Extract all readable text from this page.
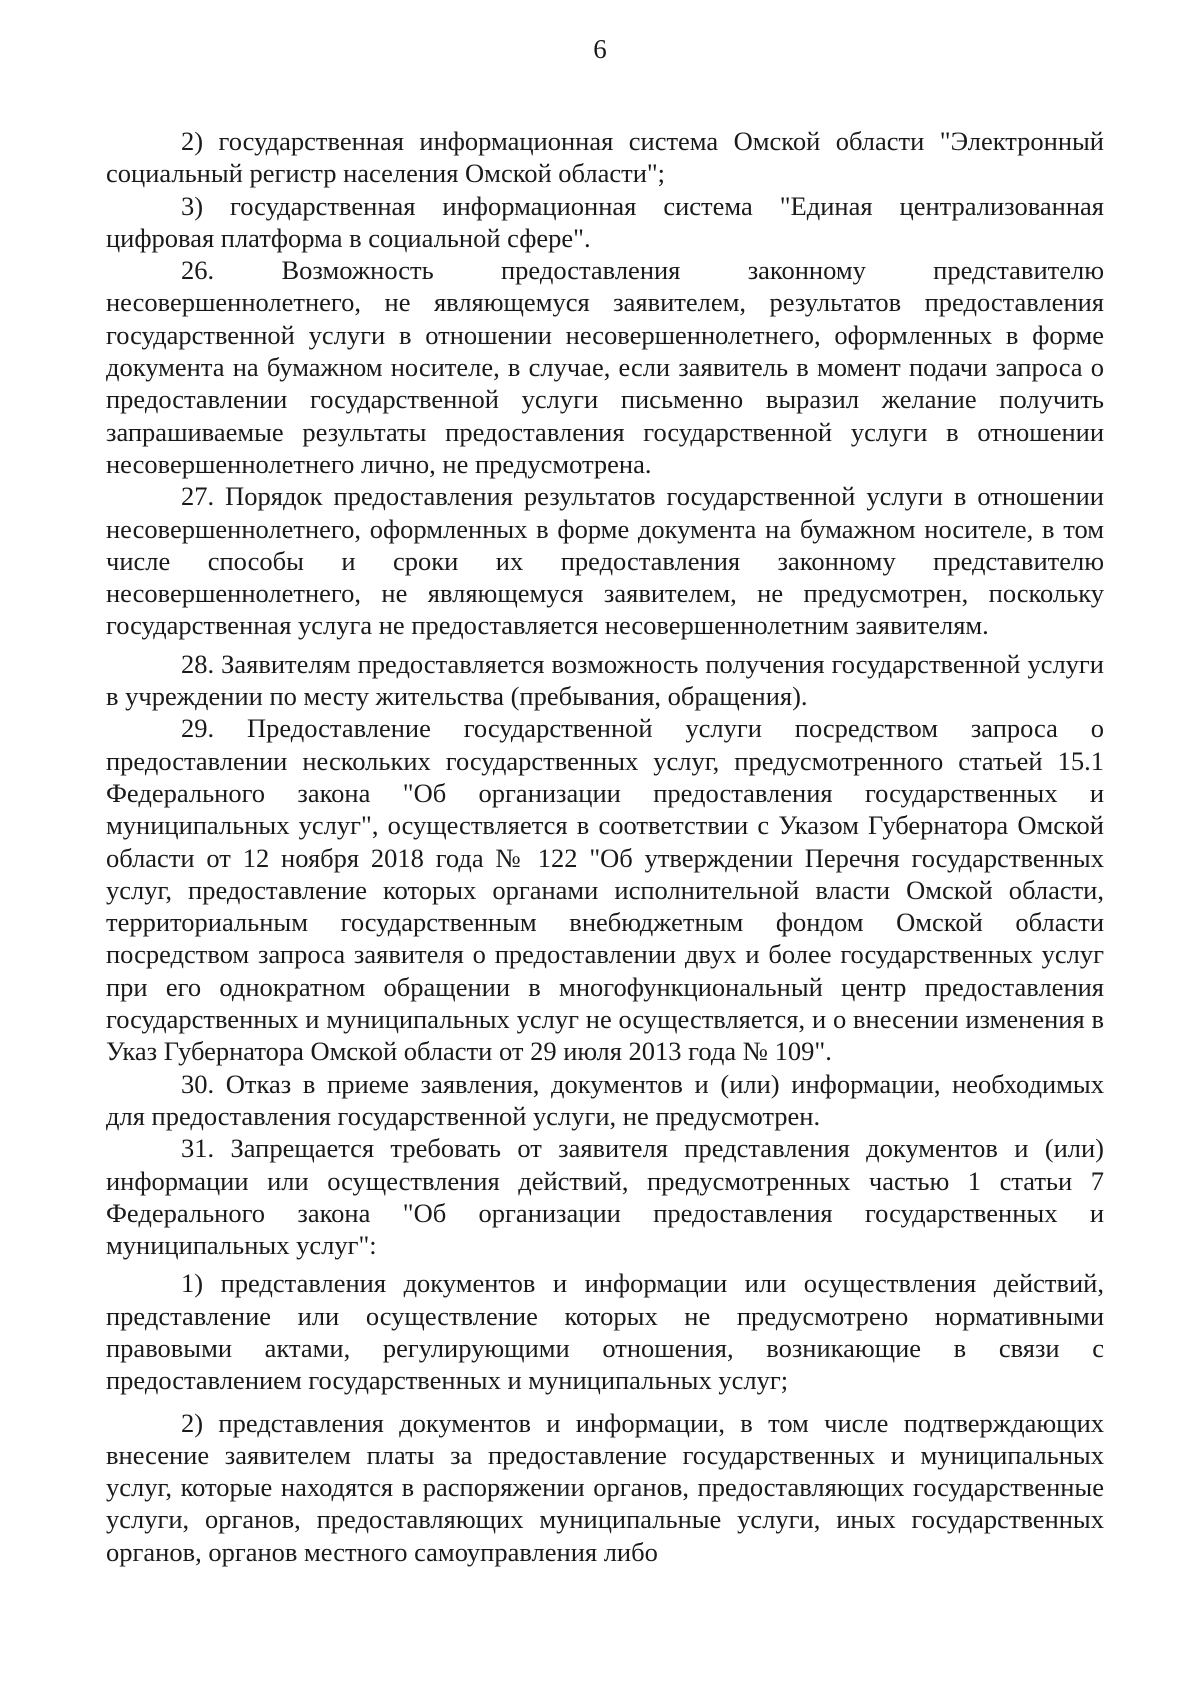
6

2) государственная информационная система Омской области "Электронный социальный регистр населения Омской области";

3) государственная информационная система "Единая централизованная цифровая платформа в социальной сфере".

26. Возможность предоставления законному представителю несовершеннолетнего, не являющемуся заявителем, результатов предоставления государственной услуги в отношении несовершеннолетнего, оформленных в форме документа на бумажном носителе, в случае, если заявитель в момент подачи запроса о предоставлении государственной услуги письменно выразил желание получить запрашиваемые результаты предоставления государственной услуги в отношении несовершеннолетнего лично, не предусмотрена.

27. Порядок предоставления результатов государственной услуги в отношении несовершеннолетнего, оформленных в форме документа на бумажном носителе, в том числе способы и сроки их предоставления законному представителю несовершеннолетнего, не являющемуся заявителем, не предусмотрен, поскольку государственная услуга не предоставляется несовершеннолетним заявителям.

28. Заявителям предоставляется возможность получения государственной услуги в учреждении по месту жительства (пребывания, обращения).

29. Предоставление государственной услуги посредством запроса о предоставлении нескольких государственных услуг, предусмотренного статьей 15.1 Федерального закона "Об организации предоставления государственных и муниципальных услуг", осуществляется в соответствии с Указом Губернатора Омской области от 12 ноября 2018 года № 122 "Об утверждении Перечня государственных услуг, предоставление которых органами исполнительной власти Омской области, территориальным государственным внебюджетным фондом Омской области посредством запроса заявителя о предоставлении двух и более государственных услуг при его однократном обращении в многофункциональный центр предоставления государственных и муниципальных услуг не осуществляется, и о внесении изменения в Указ Губернатора Омской области от 29 июля 2013 года № 109".

30. Отказ в приеме заявления, документов и (или) информации, необходимых для предоставления государственной услуги, не предусмотрен.

31. Запрещается требовать от заявителя представления документов и (или) информации или осуществления действий, предусмотренных частью 1 статьи 7 Федерального закона "Об организации предоставления государственных и муниципальных услуг":

1) представления документов и информации или осуществления действий, представление или осуществление которых не предусмотрено нормативными правовыми актами, регулирующими отношения, возникающие в связи с предоставлением государственных и муниципальных услуг;

2) представления документов и информации, в том числе подтверждающих внесение заявителем платы за предоставление государственных и муниципальных услуг, которые находятся в распоряжении органов, предоставляющих государственные услуги, органов, предоставляющих муниципальные услуги, иных государственных органов, органов местного самоуправления либо
